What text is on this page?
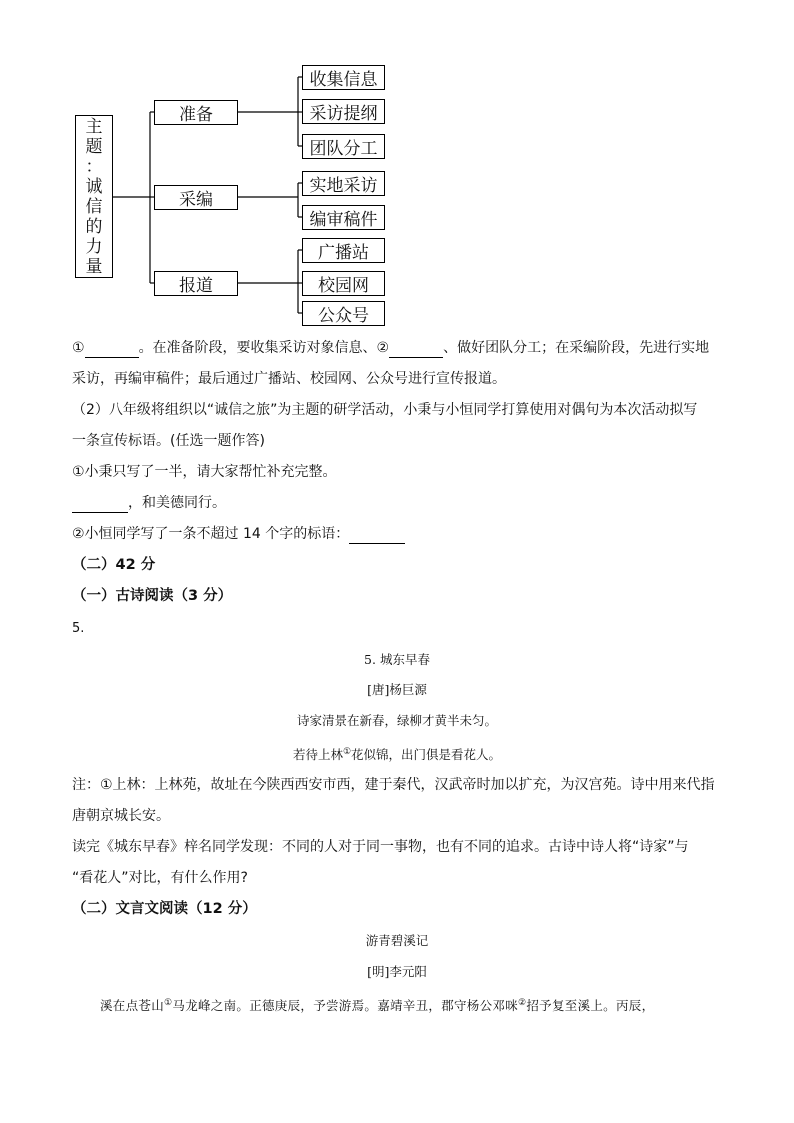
主
题
：
诚
信
的
力
量
准备
采编
报道
收集信息
采访提纲
团队分工
实地采访
编审稿件
广播站
校园网
公众号
①	。在准备阶段，要收集采访对象信息、②	、做好团队分工；在采编阶段，先进行实地
采访，再编审稿件；最后通过广播站、校园网、公众号进行宣传报道。
（2）八年级将组织以“诚信之旅”为主题的研学活动，小秉与小恒同学打算使用对偶句为本次活动拟写
一条宣传标语。(任选一题作答)
①小秉只写了一半，请大家帮忙补充完整。
，和美德同行。
②小恒同学写了一条不超过 14 个字的标语：
（二）42 分
（一）古诗阅读（3 分）
5.
5. 城东早春
[唐]杨巨源
诗家清景在新春，绿柳才黄半未匀。
若待上林①花似锦，出门俱是看花人。
注：①上林：上林苑，故址在今陕西西安市西，建于秦代，汉武帝时加以扩充，为汉宫苑。诗中用来代指
唐朝京城长安。
读完《城东早春》梓名同学发现：不同的人对于同一事物，也有不同的追求。古诗中诗人将“诗家”与
“看花人”对比，有什么作用?
（二）文言文阅读（12 分）
游青碧溪记
[明]李元阳
溪在点苍山①马龙峰之南。正德庚辰，予尝游焉。嘉靖辛丑，郡守杨公邓咪②招予复至溪上。丙辰，
